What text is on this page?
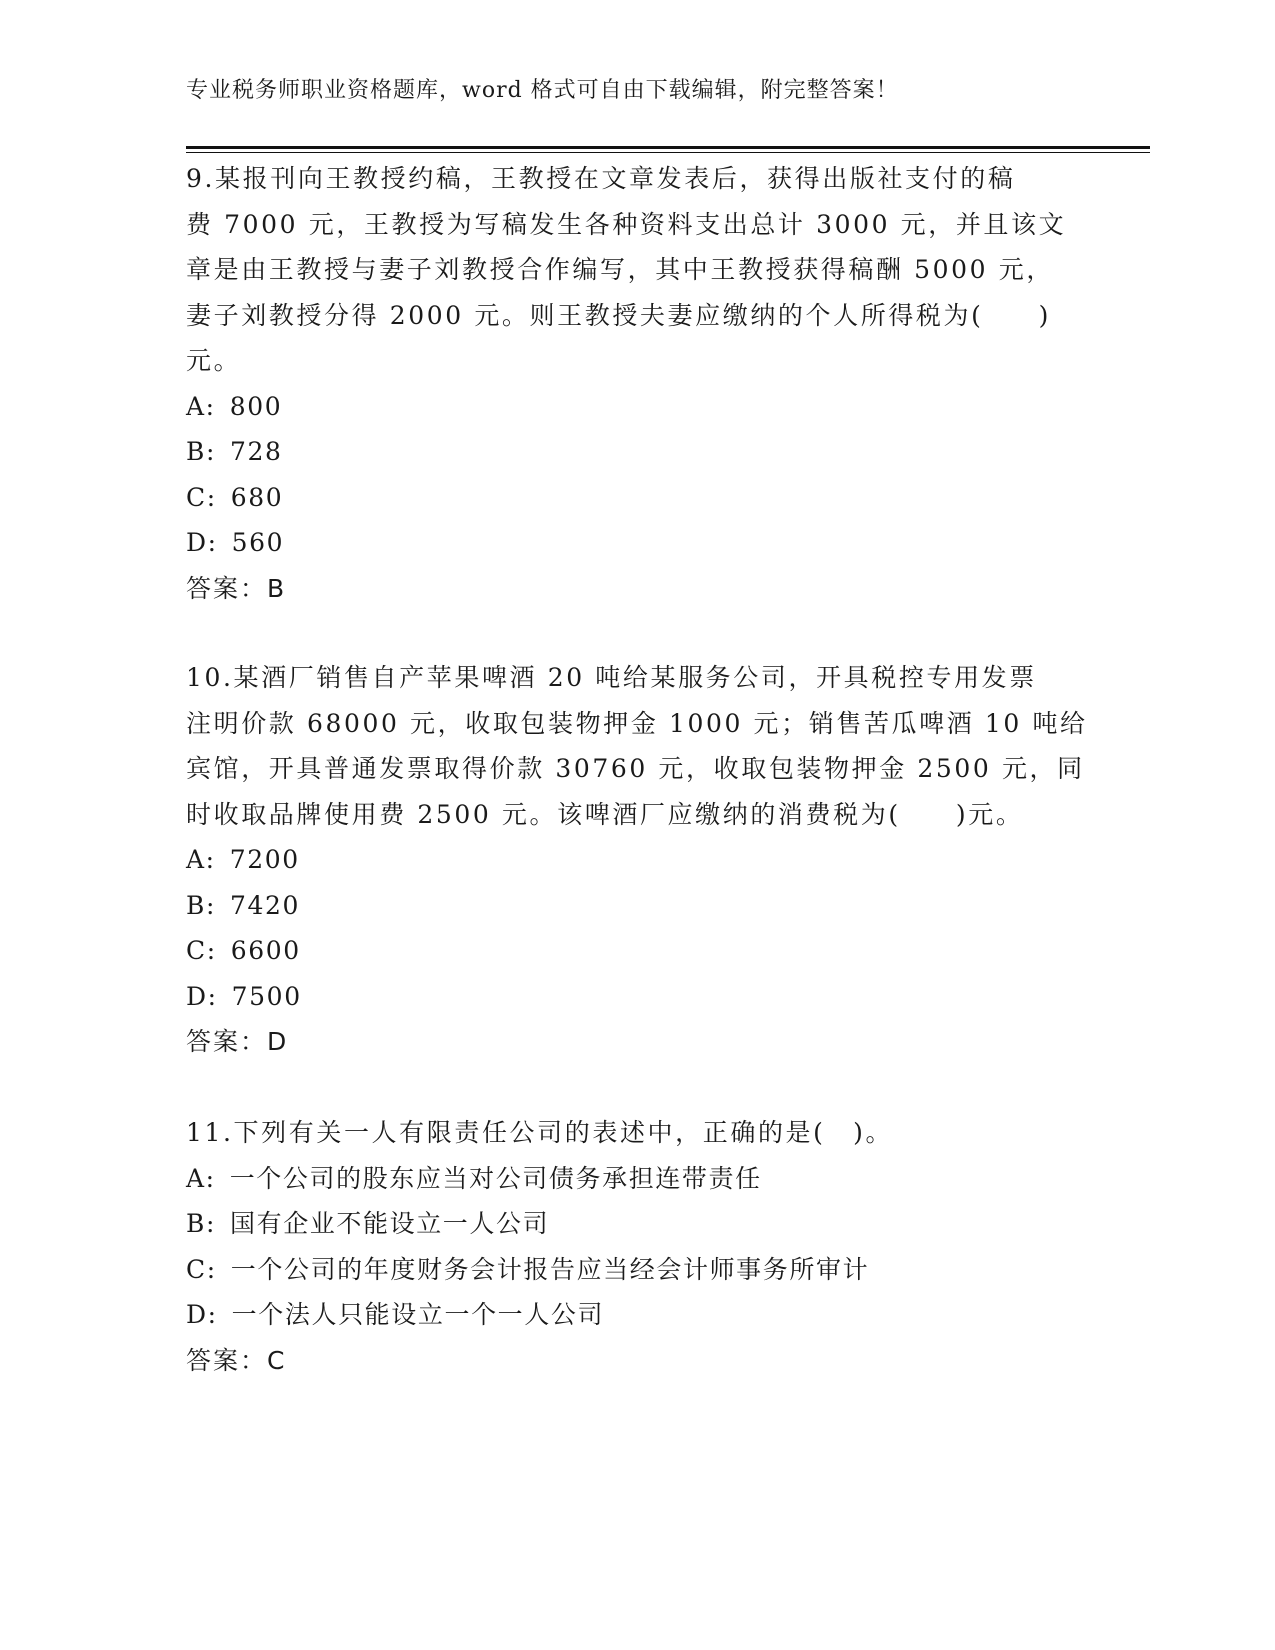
专业税务师职业资格题库，word 格式可自由下载编辑，附完整答案！
9.某报刊向王教授约稿，王教授在文章发表后，获得出版社支付的稿
费 7000 元，王教授为写稿发生各种资料支出总计 3000 元，并且该文
章是由王教授与妻子刘教授合作编写，其中王教授获得稿酬 5000 元，
妻子刘教授分得 2000 元。则王教授夫妻应缴纳的个人所得税为(　　)
元。
A: 800
B: 728
C: 680
D: 560
答案：B
10.某酒厂销售自产苹果啤酒 20 吨给某服务公司，开具税控专用发票
注明价款 68000 元，收取包装物押金 1000 元；销售苦瓜啤酒 10 吨给
宾馆，开具普通发票取得价款 30760 元，收取包装物押金 2500 元，同
时收取品牌使用费 2500 元。该啤酒厂应缴纳的消费税为(　　)元。
A: 7200
B: 7420
C: 6600
D: 7500
答案：D
11.下列有关一人有限责任公司的表述中，正确的是(　)。
A: 一个公司的股东应当对公司债务承担连带责任
B: 国有企业不能设立一人公司
C: 一个公司的年度财务会计报告应当经会计师事务所审计
D: 一个法人只能设立一个一人公司
答案：C
